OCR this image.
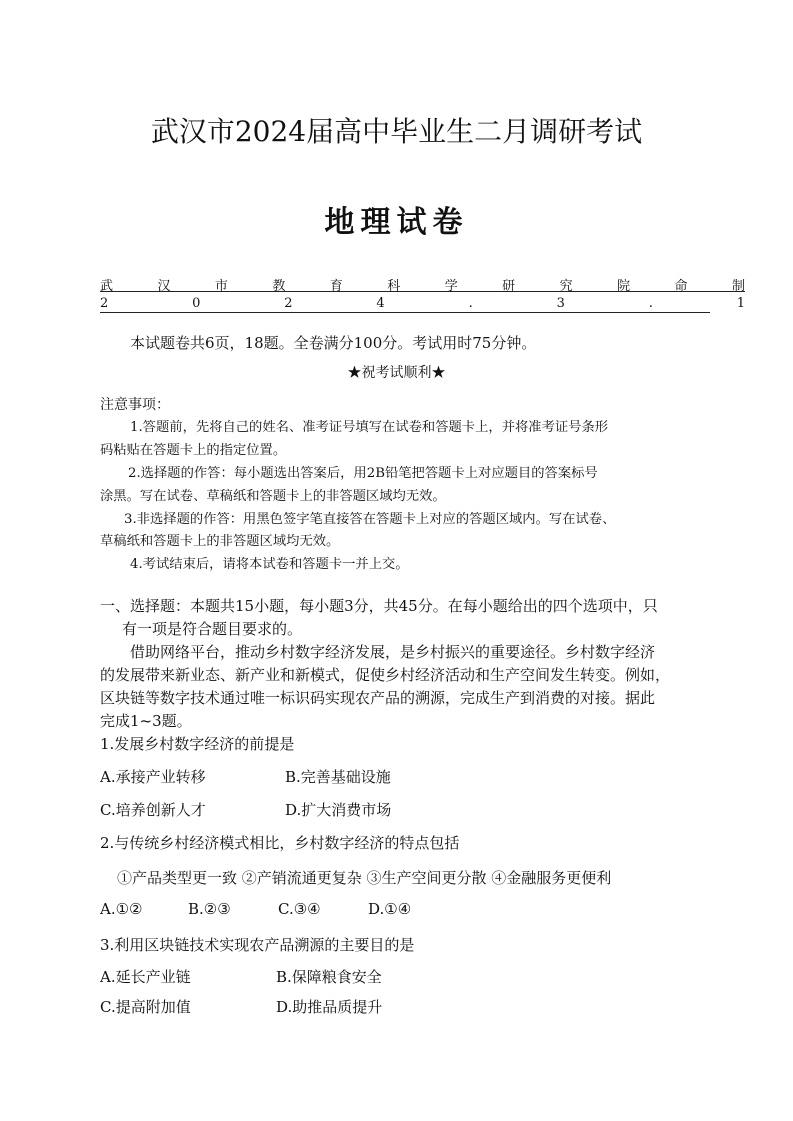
武汉市2024届高中毕业生二月调研考试
地理试卷
武	汉	市	教	育	科	学	研	究	院	命	制
2	0	2	4	.	3	.	1
本试题卷共6页，18题。全卷满分100分。考试用时75分钟。
★祝考试顺利★
注意事项：
1.答题前，先将自己的姓名、准考证号填写在试卷和答题卡上，并将准考证号条形
码粘贴在答题卡上的指定位置。
2.选择题的作答：每小题选出答案后，用2B铅笔把答题卡上对应题目的答案标号
涂黑。写在试卷、草稿纸和答题卡上的非答题区域均无效。
3.非选择题的作答：用黑色签字笔直接答在答题卡上对应的答题区域内。写在试卷、
草稿纸和答题卡上的非答题区域均无效。
4.考试结束后，请将本试卷和答题卡一并上交。
一、选择题：本题共15小题，每小题3分，共45分。在每小题给出的四个选项中，只
有一项是符合题目要求的。
借助网络平台，推动乡村数字经济发展，是乡村振兴的重要途径。乡村数字经济
的发展带来新业态、新产业和新模式，促使乡村经济活动和生产空间发生转变。例如，
区块链等数字技术通过唯一标识码实现农产品的溯源，完成生产到消费的对接。据此
完成1~3题。
1.发展乡村数字经济的前提是
A.承接产业转移	B.完善基础设施
C.培养创新人才	D.扩大消费市场
2.与传统乡村经济模式相比，乡村数字经济的特点包括
①产品类型更一致 ②产销流通更复杂 ③生产空间更分散 ④金融服务更便利
A.①②	B.②③	C.③④	D.①④
3.利用区块链技术实现农产品溯源的主要目的是
A.延长产业链	B.保障粮食安全
C.提高附加值	D.助推品质提升
